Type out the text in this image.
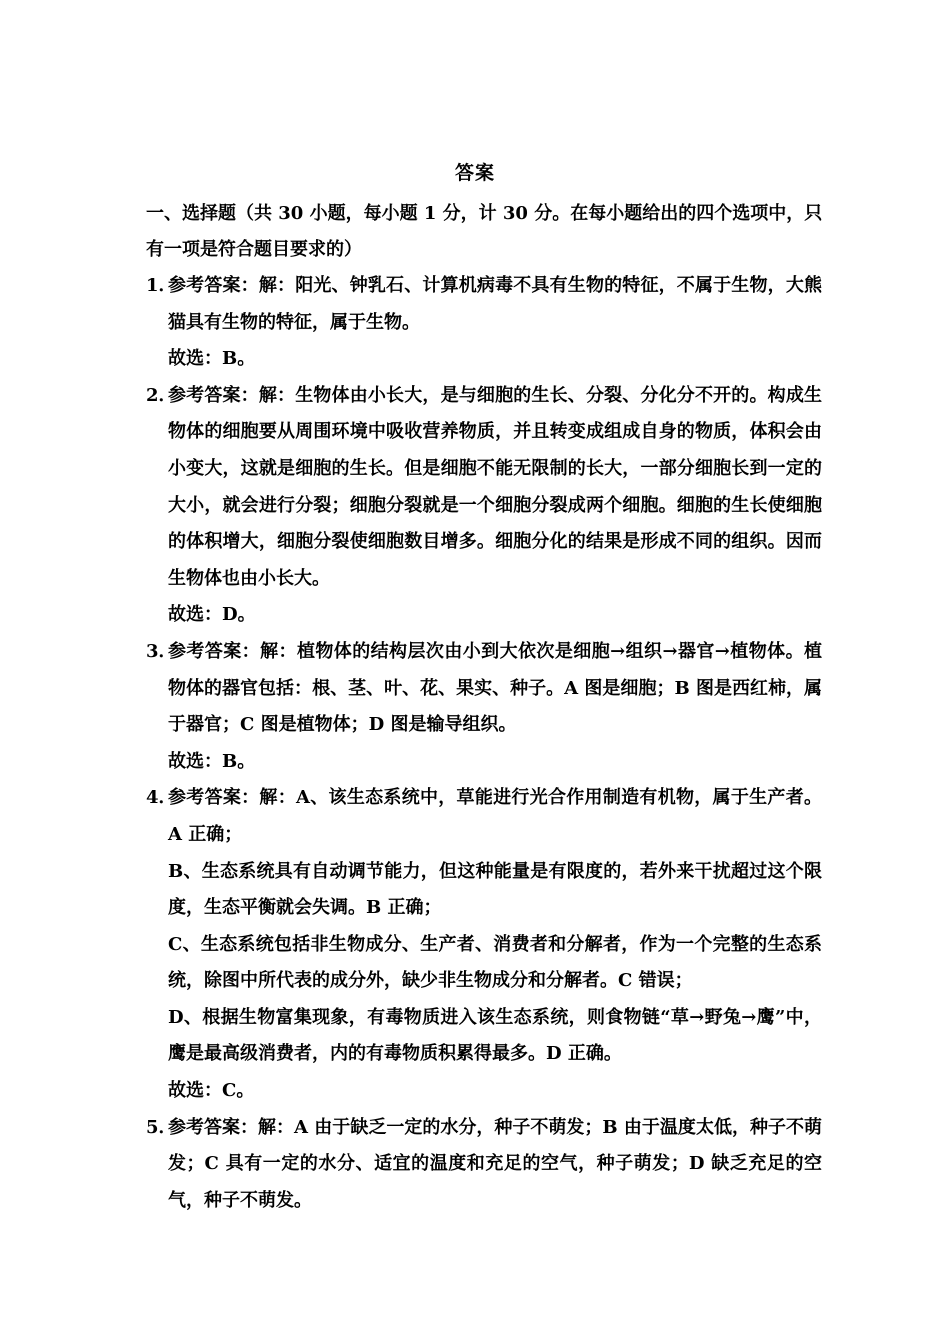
答案
一、选择题（共 30 小题，每小题 1 分，计 30 分。在每小题给出的四个选项中，只有一项是符合题目要求的）
1．
参考答案：解：阳光、钟乳石、计算机病毒不具有生物的特征，不属于生物，大熊猫具有生物的特征，属于生物。
故选：B。
2．
参考答案：解：生物体由小长大，是与细胞的生长、分裂、分化分不开的。构成生物体的细胞要从周围环境中吸收营养物质，并且转变成组成自身的物质，体积会由小变大，这就是细胞的生长。但是细胞不能无限制的长大，一部分细胞长到一定的大小，就会进行分裂；细胞分裂就是一个细胞分裂成两个细胞。细胞的生长使细胞的体积增大，细胞分裂使细胞数目增多。细胞分化的结果是形成不同的组织。因而生物体也由小长大。
故选：D。
3．
参考答案：解：植物体的结构层次由小到大依次是细胞→组织→器官→植物体。植物体的器官包括：根、茎、叶、花、果实、种子。A 图是细胞；B 图是西红柿，属于器官；C 图是植物体；D 图是输导组织。
故选：B。
4．
参考答案：解：A、该生态系统中，草能进行光合作用制造有机物，属于生产者。A 正确；
B、生态系统具有自动调节能力，但这种能量是有限度的，若外来干扰超过这个限度，生态平衡就会失调。B 正确；
C、生态系统包括非生物成分、生产者、消费者和分解者，作为一个完整的生态系统，除图中所代表的成分外，缺少非生物成分和分解者。C 错误；
D、根据生物富集现象，有毒物质进入该生态系统，则食物链“草→野兔→鹰”中，鹰是最高级消费者，内的有毒物质积累得最多。D 正确。
故选：C。
5．
参考答案：解：A 由于缺乏一定的水分，种子不萌发；B 由于温度太低，种子不萌发；C 具有一定的水分、适宜的温度和充足的空气，种子萌发；D 缺乏充足的空气，种子不萌发。
